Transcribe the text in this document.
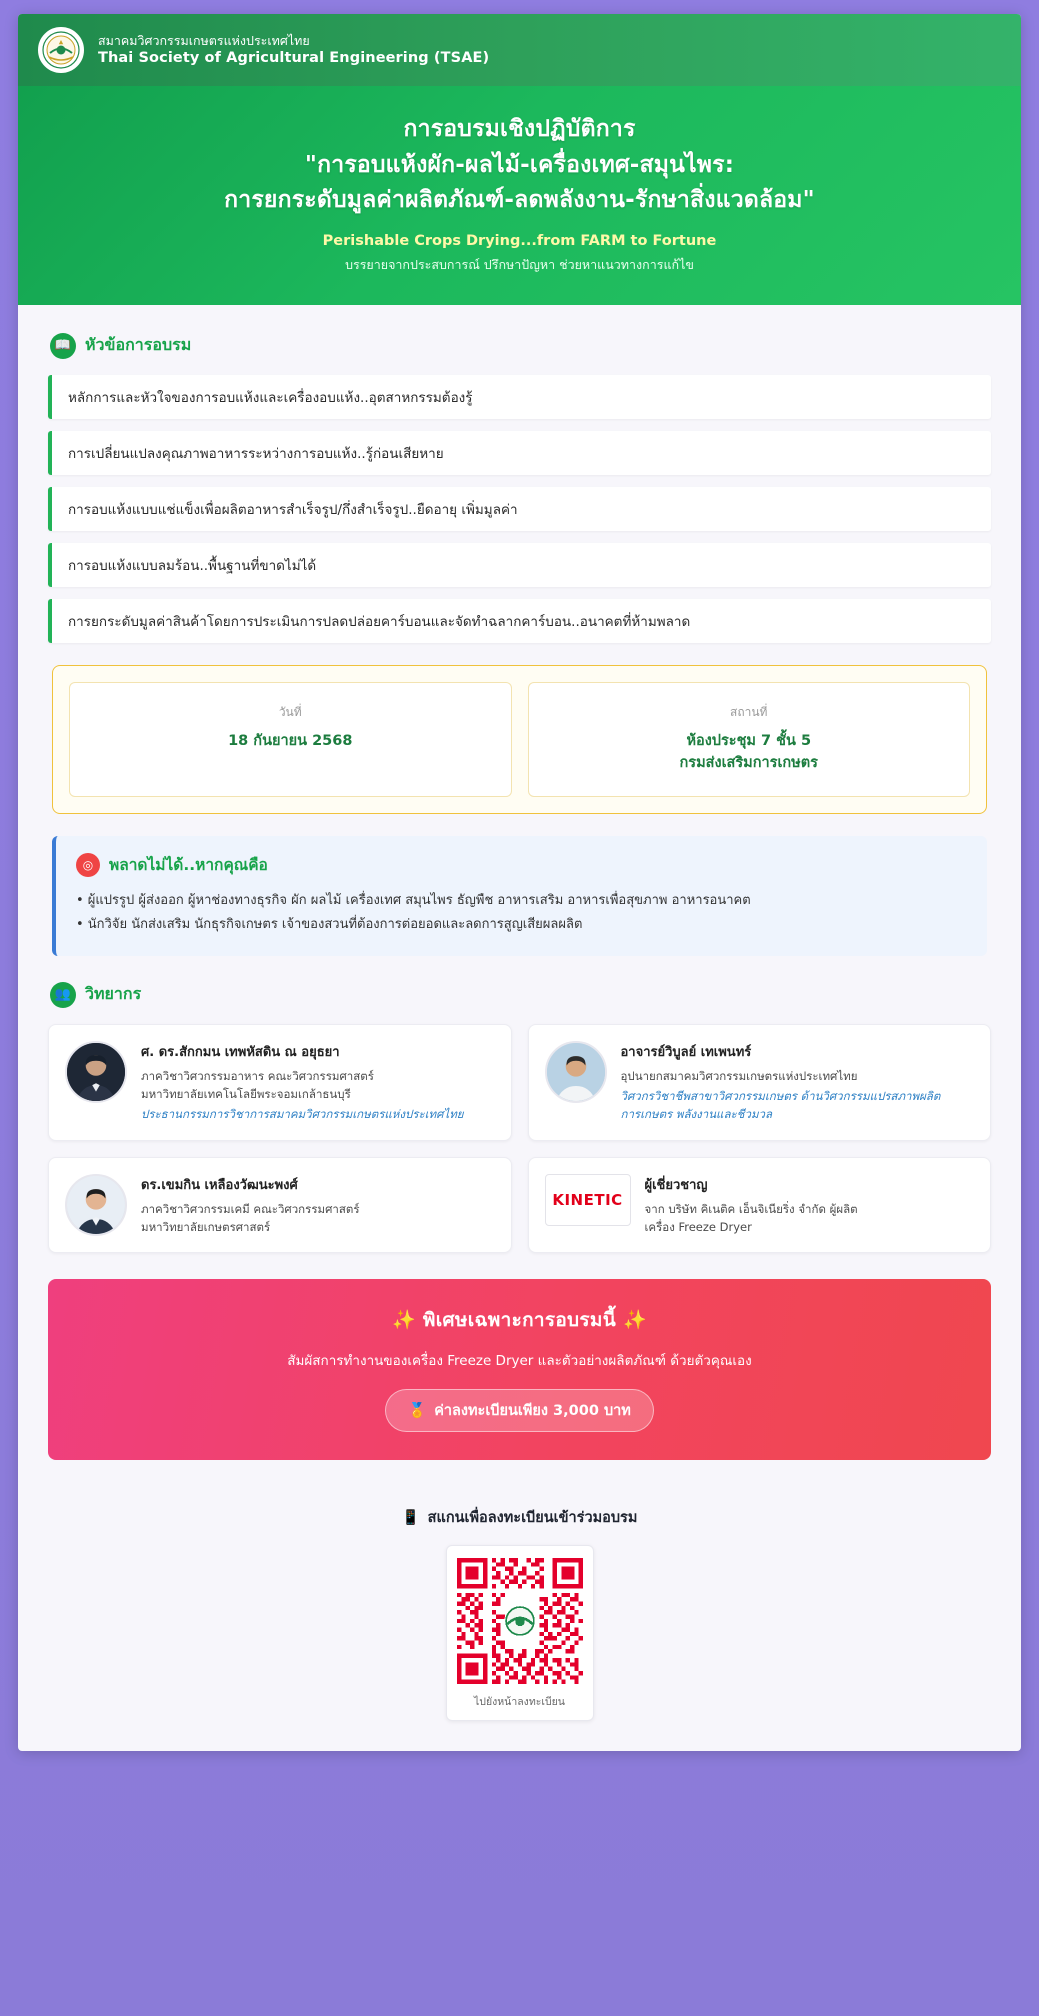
สมาคมวิศวกรรมเกษตรแห่งประเทศไทย
Thai Society of Agricultural Engineering (TSAE)
การอบรมเชิงปฏิบัติการ
"การอบแห้งผัก-ผลไม้-เครื่องเทศ-สมุนไพร:
การยกระดับมูลค่าผลิตภัณฑ์-ลดพลังงาน-รักษาสิ่งแวดล้อม"
Perishable Crops Drying...from FARM to Fortune
บรรยายจากประสบการณ์ ปรึกษาปัญหา ช่วยหาแนวทางการแก้ไข
📖 หัวข้อการอบรม
หลักการและหัวใจของการอบแห้งและเครื่องอบแห้ง..อุตสาหกรรมต้องรู้
การเปลี่ยนแปลงคุณภาพอาหารระหว่างการอบแห้ง..รู้ก่อนเสียหาย
การอบแห้งแบบแช่แข็งเพื่อผลิตอาหารสำเร็จรูป/กึ่งสำเร็จรูป..ยืดอายุ เพิ่มมูลค่า
การอบแห้งแบบลมร้อน..พื้นฐานที่ขาดไม่ได้
การยกระดับมูลค่าสินค้าโดยการประเมินการปลดปล่อยคาร์บอนและจัดทำฉลากคาร์บอน..อนาคตที่ห้ามพลาด
วันที่
18 กันยายน 2568
สถานที่
ห้องประชุม 7 ชั้น 5
กรมส่งเสริมการเกษตร
◎	พลาดไม่ได้..หากคุณคือ
• ผู้แปรรูป ผู้ส่งออก ผู้หาช่องทางธุรกิจ ผัก ผลไม้ เครื่องเทศ สมุนไพร ธัญพืช อาหารเสริม อาหารเพื่อสุขภาพ อาหารอนาคต
• นักวิจัย นักส่งเสริม นักธุรกิจเกษตร เจ้าของสวนที่ต้องการต่อยอดและลดการสูญเสียผลผลิต
👥 วิทยากร
ศ. ดร.สักกมน เทพหัสดิน ณ อยุธยา
ภาควิชาวิศวกรรมอาหาร คณะวิศวกรรมศาสตร์
มหาวิทยาลัยเทคโนโลยีพระจอมเกล้าธนบุรี
ประธานกรรมการวิชาการสมาคมวิศวกรรมเกษตรแห่งประเทศไทย
อาจารย์วิบูลย์ เทเพนทร์
อุปนายกสมาคมวิศวกรรมเกษตรแห่งประเทศไทย
วิศวกรวิชาชีพสาขาวิศวกรรมเกษตร ด้านวิศวกรรมแปรสภาพผลิตการเกษตร พลังงานและชีวมวล
ดร.เขมกิน เหลืองวัฒนะพงศ์
ภาควิชาวิศวกรรมเคมี คณะวิศวกรรมศาสตร์
มหาวิทยาลัยเกษตรศาสตร์
KINETIC
ผู้เชี่ยวชาญ
จาก บริษัท คิเนติค เอ็นจิเนียริ่ง จำกัด ผู้ผลิต
เครื่อง Freeze Dryer
✨ พิเศษเฉพาะการอบรมนี้ ✨
สัมผัสการทำงานของเครื่อง Freeze Dryer และตัวอย่างผลิตภัณฑ์ ด้วยตัวคุณเอง
🏅 ค่าลงทะเบียนเพียง 3,000 บาท
📱 สแกนเพื่อลงทะเบียนเข้าร่วมอบรม
ไปยังหน้าลงทะเบียน
